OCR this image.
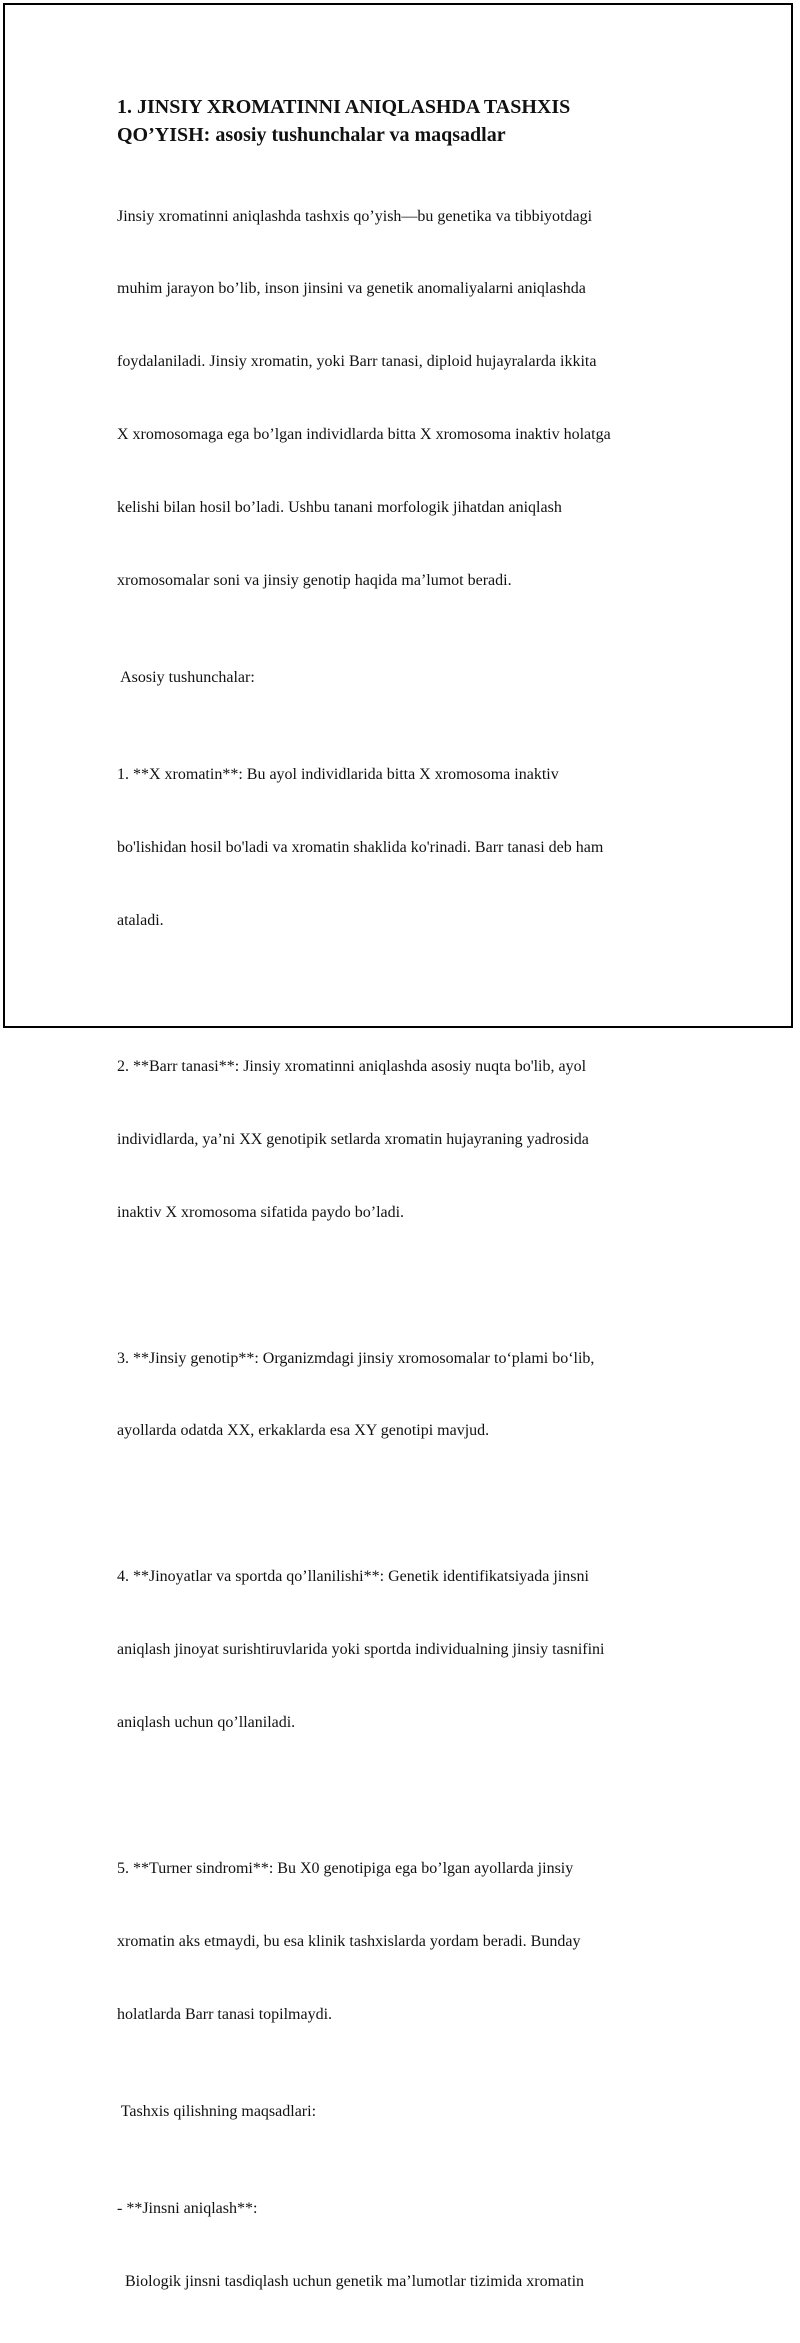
1. JINSIY XROMATINNI ANIQLASHDA TASHXIS
QO’YISH: asosiy tushunchalar va maqsadlar

Jinsiy xromatinni aniqlashda tashxis qo’yish—bu genetika va tibbiyotdagi

muhim jarayon bo’lib, inson jinsini va genetik anomaliyalarni aniqlashda

foydalaniladi. Jinsiy xromatin, yoki Barr tanasi, diploid hujayralarda ikkita

X xromosomaga ega bo’lgan individlarda bitta X xromosoma inaktiv holatga

kelishi bilan hosil bo’ladi. Ushbu tanani morfologik jihatdan aniqlash

xromosomalar soni va jinsiy genotip haqida ma’lumot beradi.

Asosiy tushunchalar:

1. **X xromatin**: Bu ayol individlarida bitta X xromosoma inaktiv

bo'lishidan hosil bo'ladi va xromatin shaklida ko'rinadi. Barr tanasi deb ham

ataladi.

2. **Barr tanasi**: Jinsiy xromatinni aniqlashda asosiy nuqta bo'lib, ayol

individlarda, ya’ni XX genotipik setlarda xromatin hujayraning yadrosida

inaktiv X xromosoma sifatida paydo bo’ladi.

3. **Jinsiy genotip**: Organizmdagi jinsiy xromosomalar to‘plami bo‘lib,

ayollarda odatda XX, erkaklarda esa XY genotipi mavjud.

4. **Jinoyatlar va sportda qo’llanilishi**: Genetik identifikatsiyada jinsni

aniqlash jinoyat surishtiruvlarida yoki sportda individualning jinsiy tasnifini

aniqlash uchun qo’llaniladi.

5. **Turner sindromi**: Bu X0 genotipiga ega bo’lgan ayollarda jinsiy

xromatin aks etmaydi, bu esa klinik tashxislarda yordam beradi. Bunday

holatlarda Barr tanasi topilmaydi.

Tashxis qilishning maqsadlari:

- **Jinsni aniqlash**:

Biologik jinsni tasdiqlash uchun genetik ma’lumotlar tizimida xromatin
